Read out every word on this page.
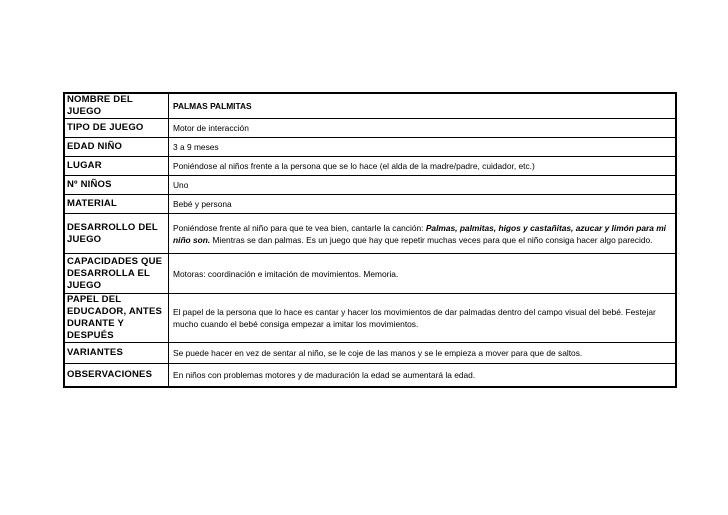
NOMBRE DEL JUEGO	PALMAS PALMITAS
TIPO DE JUEGO	Motor de interacción
EDAD NIÑO	3 a 9 meses
LUGAR	Poniéndose al niños frente a la persona que se lo hace (el alda de la madre/padre, cuidador, etc.)
Nº NIÑOS	Uno
MATERIAL	Bebé y persona
DESARROLLO DEL JUEGO	Poniéndose frente al niño para que te vea bien, cantarle la canción: Palmas, palmitas, higos y castañitas, azucar y limón para mi niño son. Mientras se dan palmas. Es un juego que hay que repetir muchas veces para que el niño consiga hacer algo parecido.
CAPACIDADES QUE DESARROLLA EL JUEGO	Motoras: coordinación e imitación de movimientos. Memoria.
PAPEL DEL EDUCADOR, ANTES DURANTE Y DESPUÉS	El papel de la persona que lo hace es cantar y hacer los movimientos de dar palmadas dentro del campo visual del bebé. Festejar mucho cuando el bebé consiga empezar a imitar los movimientos.
VARIANTES	Se puede hacer en vez de sentar al niño, se le coje de las manos y se le empieza a mover para que de saltos.
OBSERVACIONES	En niños con problemas motores y de maduración la edad se aumentará la edad.
